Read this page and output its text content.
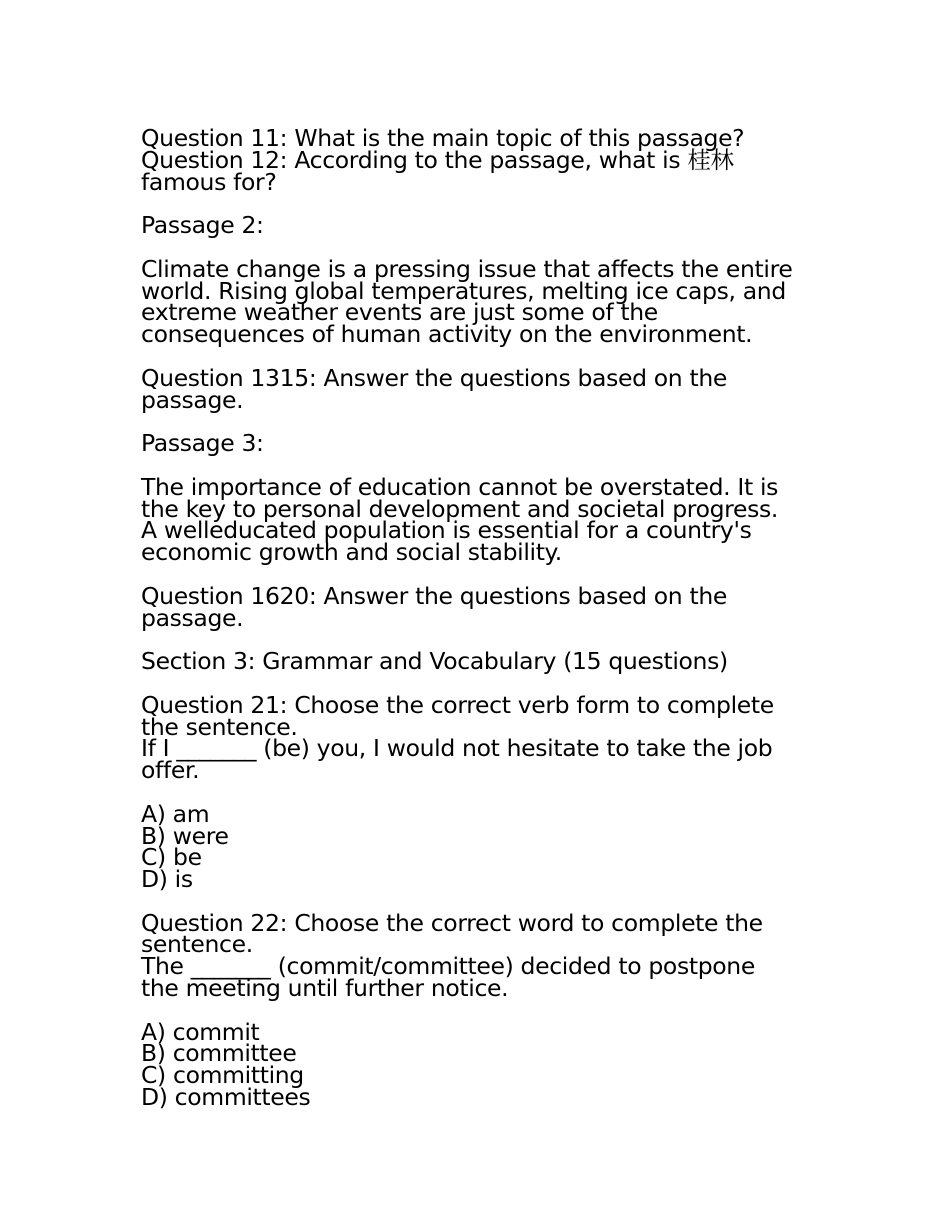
Question 11: What is the main topic of this passage?
Question 12: According to the passage, what is 桂林
famous for?
Passage 2:
Climate change is a pressing issue that affects the entire
world. Rising global temperatures, melting ice caps, and
extreme weather events are just some of the
consequences of human activity on the environment.
Question 1315: Answer the questions based on the
passage.
Passage 3:
The importance of education cannot be overstated. It is
the key to personal development and societal progress.
A welleducated population is essential for a country's
economic growth and social stability.
Question 1620: Answer the questions based on the
passage.
Section 3: Grammar and Vocabulary (15 questions)
Question 21: Choose the correct verb form to complete
the sentence.
If I _______ (be) you, I would not hesitate to take the job
offer.
A) am
B) were
C) be
D) is
Question 22: Choose the correct word to complete the
sentence.
The _______ (commit/committee) decided to postpone
the meeting until further notice.
A) commit
B) committee
C) committing
D) committees
